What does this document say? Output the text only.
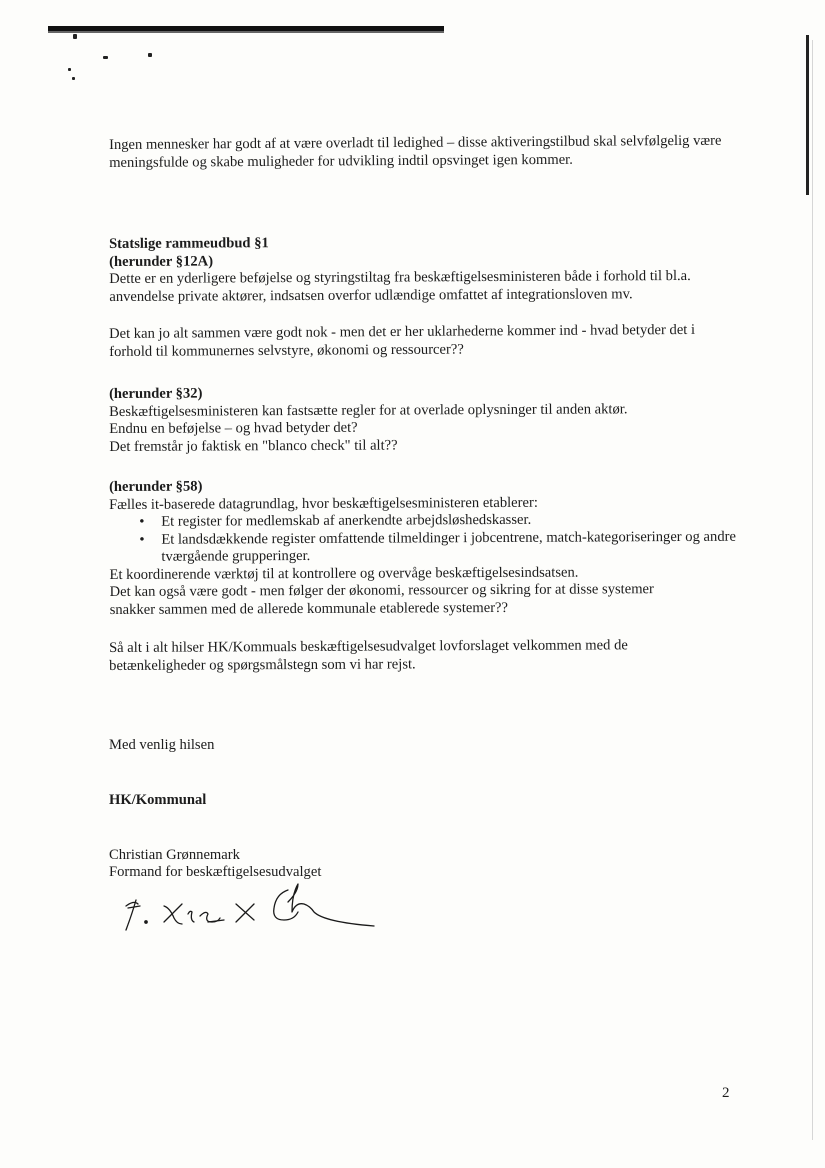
Ingen mennesker har godt af at være overladt til ledighed – disse aktiveringstilbud skal selvfølgelig være meningsfulde og skabe muligheder for udvikling indtil opsvinget igen kommer.

Statslige rammeudbud §1

(herunder §12A)

Dette er en yderligere beføjelse og styringstiltag fra beskæftigelsesministeren både i forhold til bl.a.

anvendelse private aktører, indsatsen overfor udlændige omfattet af integrationsloven mv.

Det kan jo alt sammen være godt nok - men det er her uklarhederne kommer ind - hvad betyder det i

forhold til kommunernes selvstyre, økonomi og ressourcer??

(herunder §32)

Beskæftigelsesministeren kan fastsætte regler for at overlade oplysninger til anden aktør.

Endnu en beføjelse – og hvad betyder det?

Det fremstår jo faktisk en "blanco check" til alt??

(herunder §58)

Fælles it-baserede datagrundlag, hvor beskæftigelsesministeren etablerer:

• Et register for medlemskab af anerkendte arbejdsløshedskasser.
• Et landsdækkende register omfattende tilmeldinger i jobcentrene, match-kategoriseringer og andre tværgående grupperinger.

Et koordinerende værktøj til at kontrollere og overvåge beskæftigelsesindsatsen.

Det kan også være godt - men følger der økonomi, ressourcer og sikring for at disse systemer

snakker sammen med de allerede kommunale etablerede systemer??

Så alt i alt hilser HK/Kommuals beskæftigelsesudvalget lovforslaget velkommen med de

betænkeligheder og spørgsmålstegn som vi har rejst.

Med venlig hilsen

HK/Kommunal

Christian Grønnemark

Formand for beskæftigelsesudvalget

2
